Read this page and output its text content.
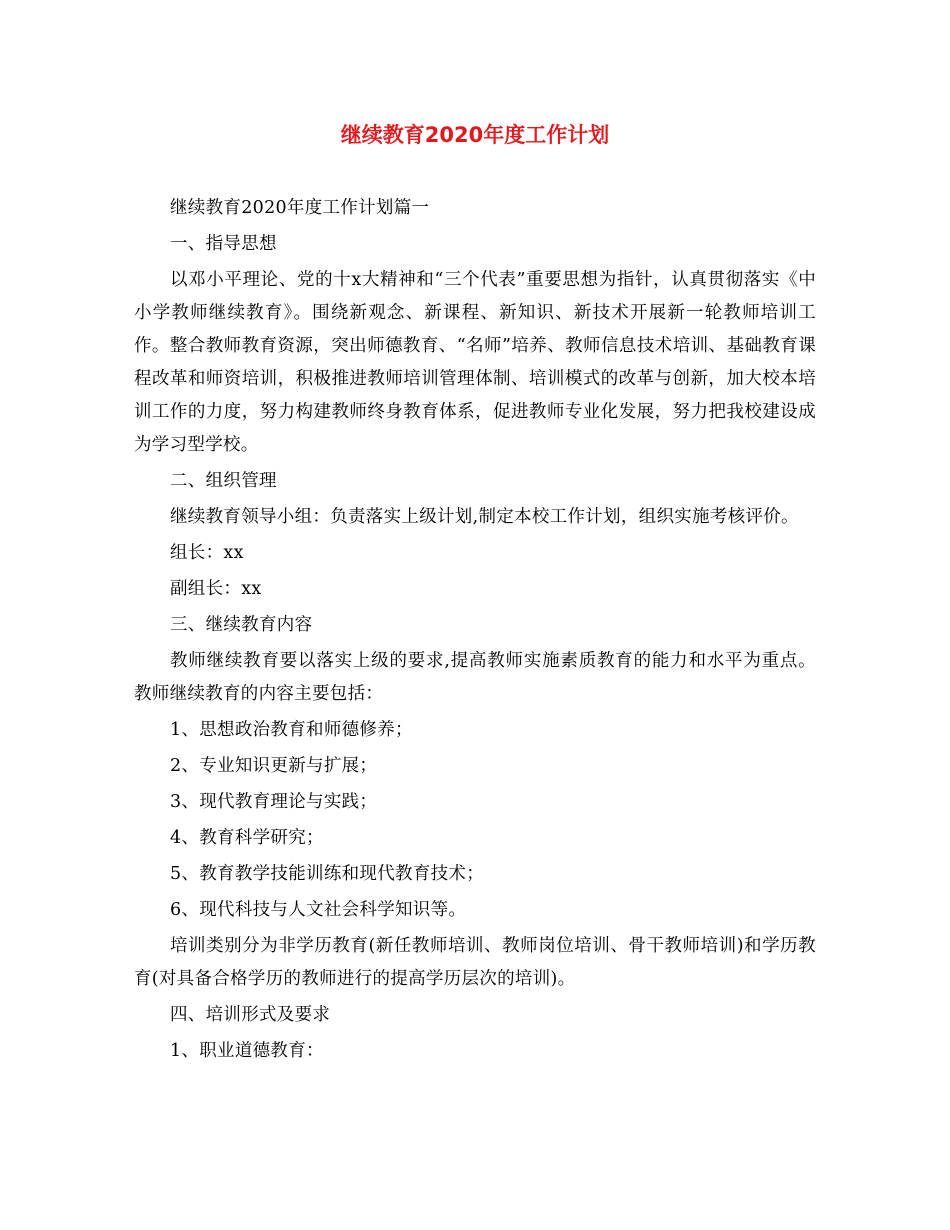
继续教育2020年度工作计划

继续教育2020年度工作计划篇一

一、指导思想

以邓小平理论、党的十x大精神和“三个代表”重要思想为指针，认真贯彻落实《中小学教师继续教育》。围绕新观念、新课程、新知识、新技术开展新一轮教师培训工作。整合教师教育资源，突出师德教育、“名师”培养、教师信息技术培训、基础教育课程改革和师资培训，积极推进教师培训管理体制、培训模式的改革与创新，加大校本培训工作的力度，努力构建教师终身教育体系，促进教师专业化发展，努力把我校建设成为学习型学校。

二、组织管理

继续教育领导小组：负责落实上级计划,制定本校工作计划，组织实施考核评价。

组长：xx

副组长：xx

三、继续教育内容

教师继续教育要以落实上级的要求,提高教师实施素质教育的能力和水平为重点。教师继续教育的内容主要包括：

1、思想政治教育和师德修养；

2、专业知识更新与扩展；

3、现代教育理论与实践；

4、教育科学研究；

5、教育教学技能训练和现代教育技术；

6、现代科技与人文社会科学知识等。

培训类别分为非学历教育(新任教师培训、教师岗位培训、骨干教师培训)和学历教育(对具备合格学历的教师进行的提高学历层次的培训)。

四、培训形式及要求

1、职业道德教育：
